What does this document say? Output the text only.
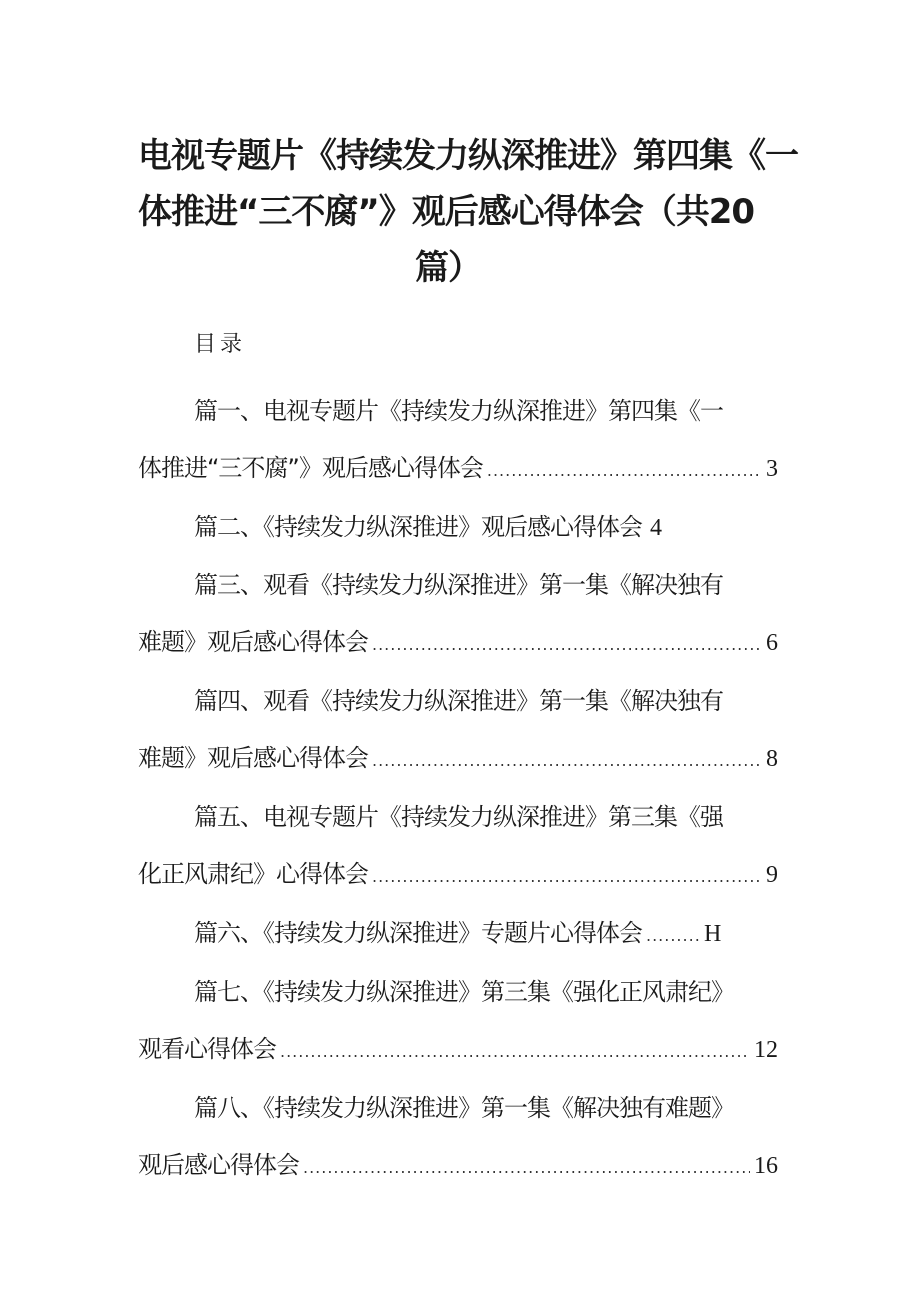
电视专题片《持续发力纵深推进》第四集《一
体推进“三不腐”》观后感心得体会（共20
篇）
目录
篇一、电视专题片《持续发力纵深推进》第四集《一
体推进“三不腐”》观后感心得体会 .....	3
篇二、《持续发力纵深推进》观后感心得体会 4
篇三、观看《持续发力纵深推进》第一集《解决独有
难题》观后感心得体会 .....	6
篇四、观看《持续发力纵深推进》第一集《解决独有
难题》观后感心得体会 .....	8
篇五、电视专题片《持续发力纵深推进》第三集《强
化正风肃纪》心得体会 .....	9
篇六、《持续发力纵深推进》专题片心得体会 .....	H
篇七、《持续发力纵深推进》第三集《强化正风肃纪》
观看心得体会 .....	12
篇八、《持续发力纵深推进》第一集《解决独有难题》
观后感心得体会 .....	16
